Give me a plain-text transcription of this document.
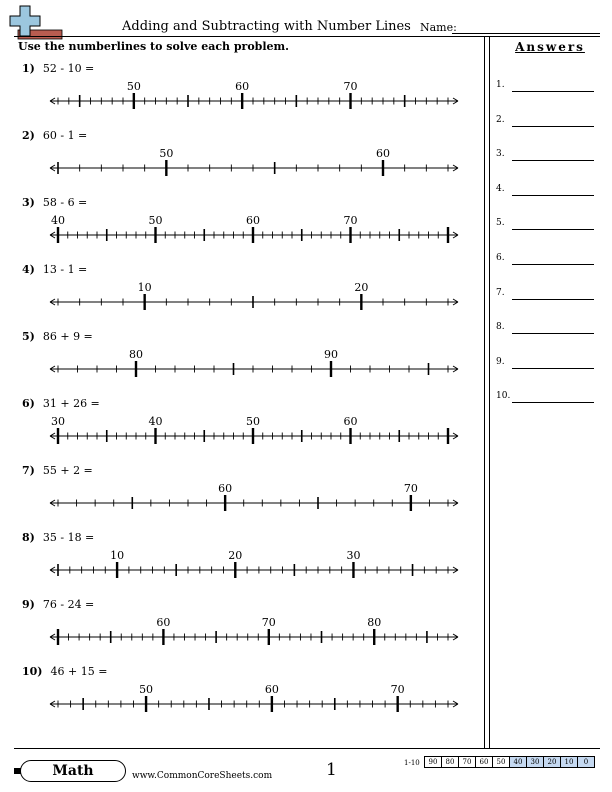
Adding and Subtracting with Number Lines Name:
Use the numberlines to solve each problem.	Answers
1.
2.
3.
4.
5.
6.
7.
8.
9.
10.
1) 52 - 10 =
50	60	70
2) 60 - 1 =
50	60
3) 58 - 6 =
40	50	60	70
4) 13 - 1 =
10	20
5) 86 + 9 =
80	90
6) 31 + 26 =
30	40	50	60
7) 55 + 2 =
60	70
8) 35 - 18 =
10	20	30
9) 76 - 24 =
60	70	80
10) 46 + 15 =
50	60	70
Math	www.CommonCoreSheets.com	1	1-10 90	80	70	60	50	40	30	20	10	0
